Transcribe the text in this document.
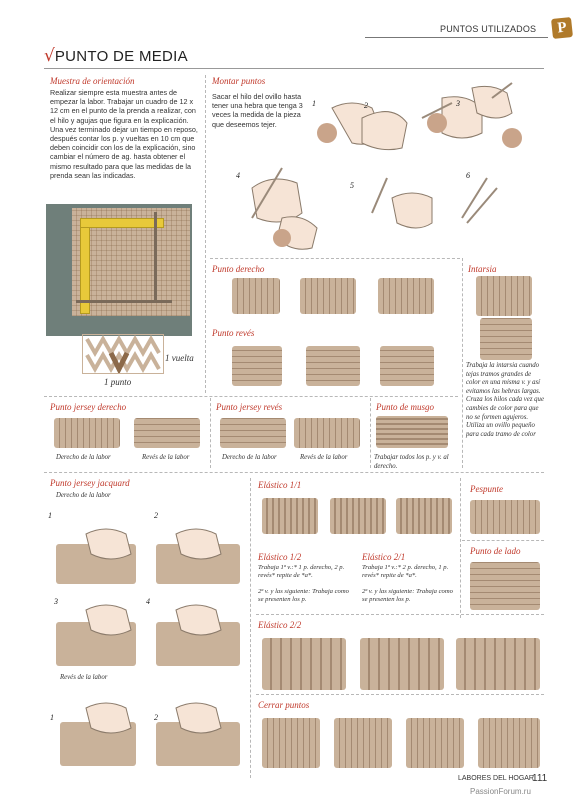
PUNTOS UTILIZADOS	P
√PUNTO DE MEDIA
Muestra de orientación
Realizar siempre esta muestra antes de empezar la labor. Trabajar un cuadro de 12 x 12 cm en el punto de la prenda a realizar, con el hilo y agujas que figura en la explicación. Una vez terminado dejar un tiempo en reposo, después contar los p. y vueltas en 10 cm que deben coincidir con los de la explicación, sino cambiar el número de ag. hasta obtener el mismo resultado para que las medidas de la prenda sean las indicadas.
1 vuelta
1 punto
Montar puntos
Sacar el hilo del ovillo hasta tener una hebra que tenga 3 veces la medida de la pieza que deseemos tejer.
1	2	3
4
5
6
Punto derecho
Punto revés
Intarsia
Trabaja la intarsia cuando tejas tramos grandes de color en una misma v. y así evitamos las hebras largas. Cruza los hilos cada vez que cambies de color para que no se formen agujeros. Utiliza un ovillo pequeño para cada tramo de color
Punto jersey derecho
Derecho de la labor	Revés de la labor
Punto jersey revés
Derecho de la labor	Revés de la labor
Punto de musgo
Trabajar todos los p. y v. al derecho.
Punto jersey jacquard
Derecho de la labor
1	2
3	4
1	2
Revés de la labor
Elástico 1/1
Elástico 1/2
Trabaja 1ª v.:* 1 p. derecho, 2 p. revés* repite de *a*.
2ª v. y las siguiente: Trabaja como se presenten los p.
Elástico 2/1
Trabaja 1ª v.:* 2 p. derecho, 1 p. revés* repite de *a*.
2ª v. y las siguiente: Trabaja como se presenten los p.
Pespunte
Punto de lado
Elástico 2/2
Cerrar puntos
LABORES DEL HOGAR
111
PassionForum.ru
